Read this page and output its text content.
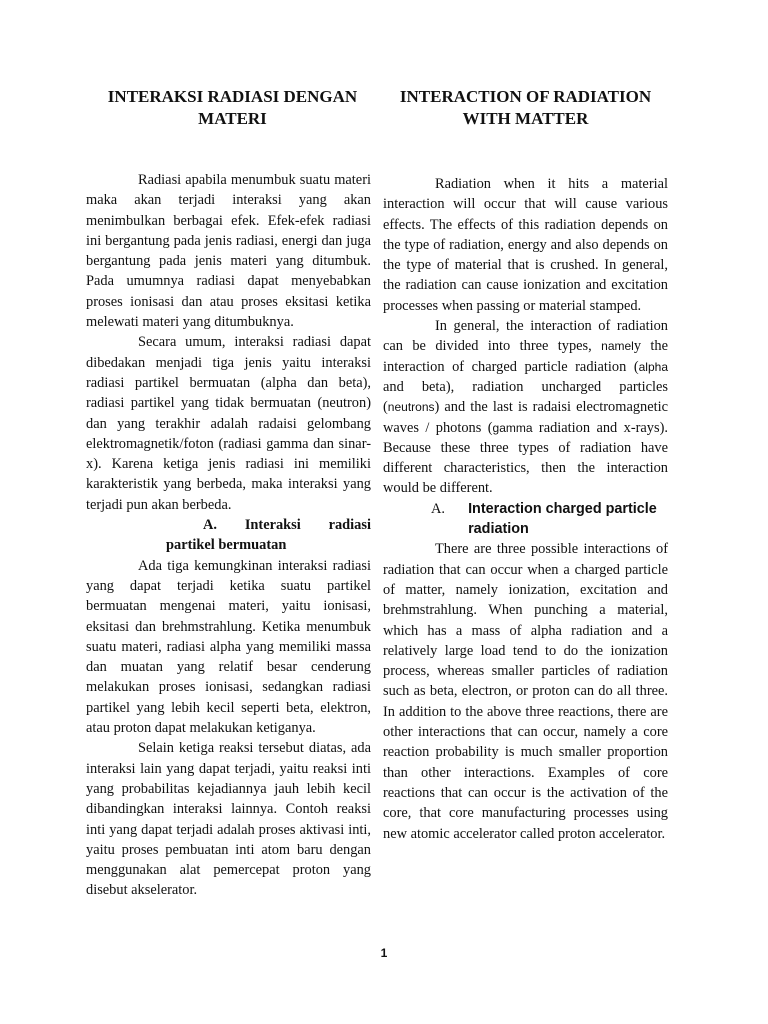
INTERAKSI RADIASI DENGAN MATERI

Radiasi apabila menumbuk suatu materi maka akan terjadi interaksi yang akan menimbulkan berbagai efek. Efek-efek radiasi ini bergantung pada jenis radiasi, energi dan juga bergantung pada jenis materi yang ditumbuk. Pada umumnya radiasi dapat menyebabkan proses ionisasi dan atau proses eksitasi ketika melewati materi yang ditumbuknya.

Secara umum, interaksi radiasi dapat dibedakan menjadi tiga jenis yaitu interaksi radiasi partikel bermuatan (alpha dan beta), radiasi partikel yang tidak bermuatan (neutron) dan yang terakhir adalah radaisi gelombang elektromagnetik/foton (radiasi gamma dan sinar-x). Karena ketiga jenis radiasi ini memiliki karakteristik yang berbeda, maka interaksi yang terjadi pun akan berbeda.

A. Interaksi radiasi
partikel bermuatan

Ada tiga kemungkinan interaksi radiasi yang dapat terjadi ketika suatu partikel bermuatan mengenai materi, yaitu ionisasi, eksitasi dan brehmstrahlung. Ketika menumbuk suatu materi, radiasi alpha yang memiliki massa dan muatan yang relatif besar cenderung melakukan proses ionisasi, sedangkan radiasi partikel yang lebih kecil seperti beta, elektron, atau proton dapat melakukan ketiganya.

Selain ketiga reaksi tersebut diatas, ada interaksi lain yang dapat terjadi, yaitu reaksi inti yang probabilitas kejadiannya jauh lebih kecil dibandingkan interaksi lainnya. Contoh reaksi inti yang dapat terjadi adalah proses aktivasi inti, yaitu proses pembuatan inti atom baru dengan menggunakan alat pemercepat proton yang disebut akselerator.

INTERACTION OF RADIATION WITH MATTER

Radiation when it hits a material interaction will occur that will cause various effects. The effects of this radiation depends on the type of radiation, energy and also depends on the type of material that is crushed. In general, the radiation can cause ionization and excitation processes when passing or material stamped.

In general, the interaction of radiation can be divided into three types, namely the interaction of charged particle radiation (alpha and beta), radiation uncharged particles (neutrons) and the last is radaisi electromagnetic waves / photons (gamma radiation and x-rays). Because these three types of radiation have different characteristics, then the interaction would be different.

A.	Interaction charged particle radiation

There are three possible interactions of radiation that can occur when a charged particle of matter, namely ionization, excitation and brehmstrahlung. When punching a material, which has a mass of alpha radiation and a relatively large load tend to do the ionization process, whereas smaller particles of radiation such as beta, electron, or proton can do all three. In addition to the above three reactions, there are other interactions that can occur, namely a core reaction probability is much smaller proportion than other interactions. Examples of core reactions that can occur is the activation of the core, that core manufacturing processes using new atomic accelerator called proton accelerator.

1
